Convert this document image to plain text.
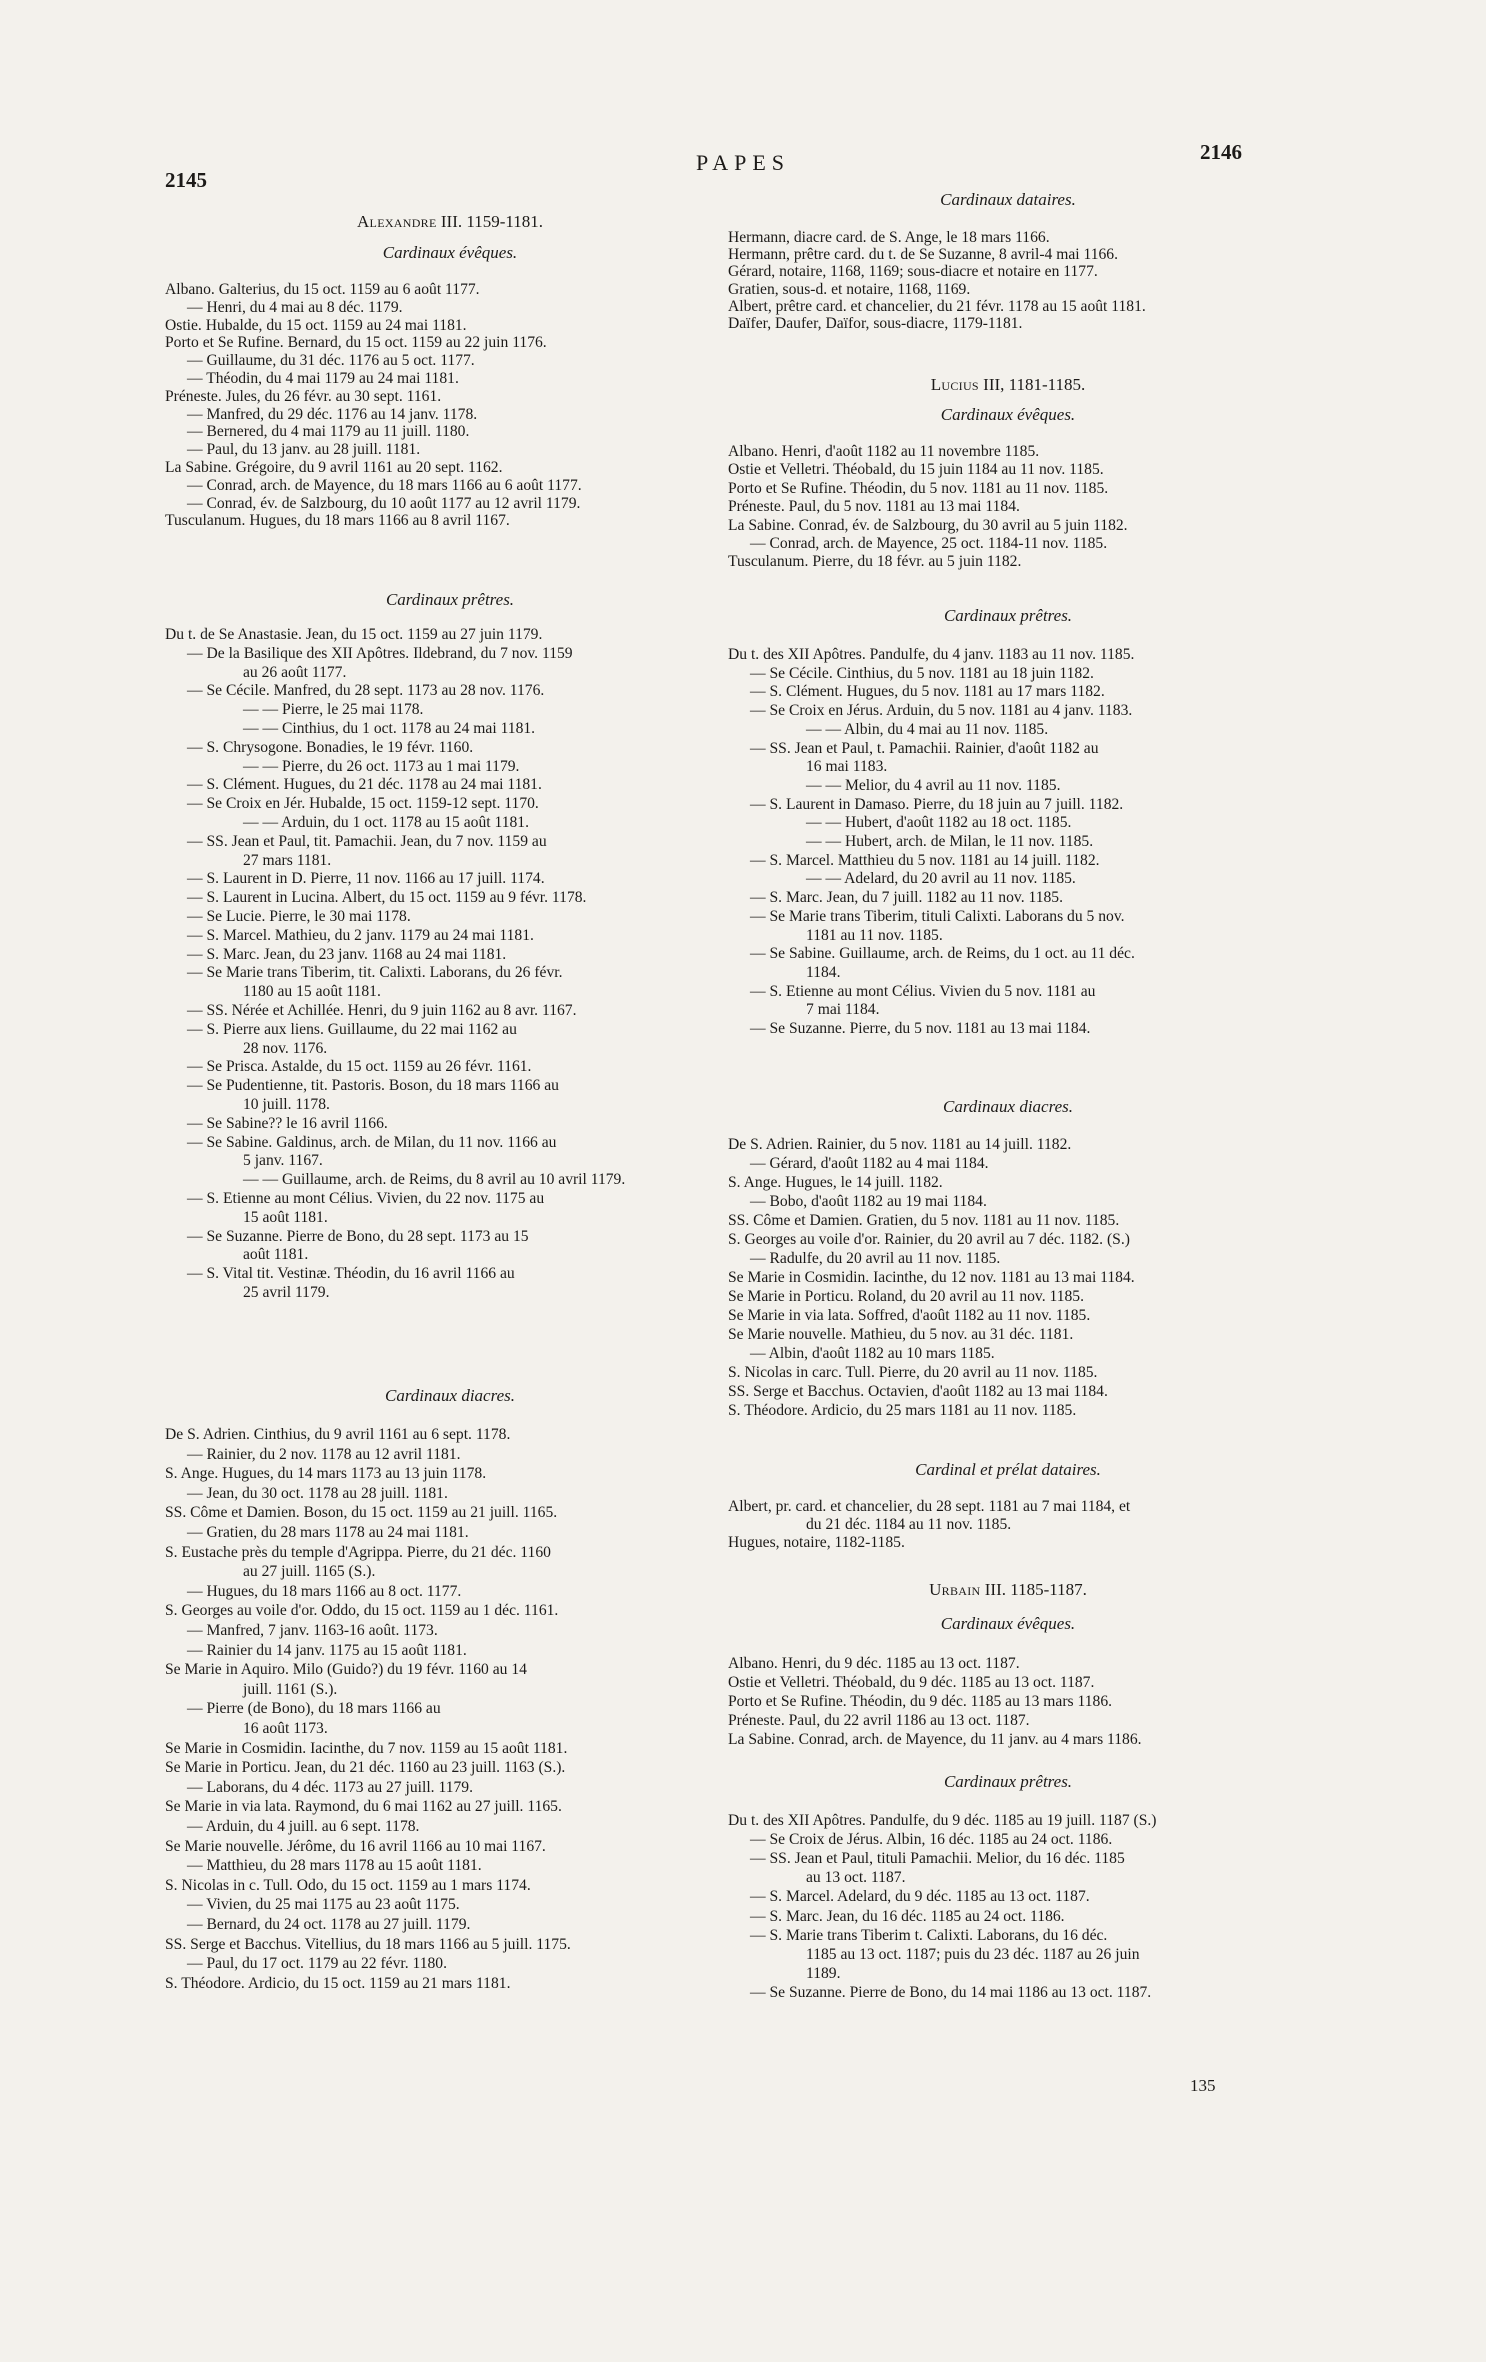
2145
PAPES	2146
Alexandre III. 1159-1181.
Cardinaux évêques.
Albano. Galterius, du 15 oct. 1159 au 6 août 1177.
— Henri, du 4 mai au 8 déc. 1179.
Ostie. Hubalde, du 15 oct. 1159 au 24 mai 1181.
Porto et Se Rufine. Bernard, du 15 oct. 1159 au 22 juin 1176.
— Guillaume, du 31 déc. 1176 au 5 oct. 1177.
— Théodin, du 4 mai 1179 au 24 mai 1181.
Préneste. Jules, du 26 févr. au 30 sept. 1161.
— Manfred, du 29 déc. 1176 au 14 janv. 1178.
— Bernered, du 4 mai 1179 au 11 juill. 1180.
— Paul, du 13 janv. au 28 juill. 1181.
La Sabine. Grégoire, du 9 avril 1161 au 20 sept. 1162.
— Conrad, arch. de Mayence, du 18 mars 1166 au 6 août 1177.
— Conrad, év. de Salzbourg, du 10 août 1177 au 12 avril 1179.
Tusculanum. Hugues, du 18 mars 1166 au 8 avril 1167.
Cardinaux prêtres.
Du t. de Se Anastasie. Jean, du 15 oct. 1159 au 27 juin 1179.
— De la Basilique des XII Apôtres. Ildebrand, du 7 nov. 1159
au 26 août 1177.
— Se Cécile. Manfred, du 28 sept. 1173 au 28 nov. 1176.
— — Pierre, le 25 mai 1178.
— — Cinthius, du 1 oct. 1178 au 24 mai 1181.
— S. Chrysogone. Bonadies, le 19 févr. 1160.
— — Pierre, du 26 oct. 1173 au 1 mai 1179.
— S. Clément. Hugues, du 21 déc. 1178 au 24 mai 1181.
— Se Croix en Jér. Hubalde, 15 oct. 1159-12 sept. 1170.
— — Arduin, du 1 oct. 1178 au 15 août 1181.
— SS. Jean et Paul, tit. Pamachii. Jean, du 7 nov. 1159 au
27 mars 1181.
— S. Laurent in D. Pierre, 11 nov. 1166 au 17 juill. 1174.
— S. Laurent in Lucina. Albert, du 15 oct. 1159 au 9 févr. 1178.
— Se Lucie. Pierre, le 30 mai 1178.
— S. Marcel. Mathieu, du 2 janv. 1179 au 24 mai 1181.
— S. Marc. Jean, du 23 janv. 1168 au 24 mai 1181.
— Se Marie trans Tiberim, tit. Calixti. Laborans, du 26 févr.
1180 au 15 août 1181.
— SS. Nérée et Achillée. Henri, du 9 juin 1162 au 8 avr. 1167.
— S. Pierre aux liens. Guillaume, du 22 mai 1162 au
28 nov. 1176.
— Se Prisca. Astalde, du 15 oct. 1159 au 26 févr. 1161.
— Se Pudentienne, tit. Pastoris. Boson, du 18 mars 1166 au
10 juill. 1178.
— Se Sabine?? le 16 avril 1166.
— Se Sabine. Galdinus, arch. de Milan, du 11 nov. 1166 au
5 janv. 1167.
— — Guillaume, arch. de Reims, du 8 avril au 10 avril 1179.
— S. Etienne au mont Célius. Vivien, du 22 nov. 1175 au
15 août 1181.
— Se Suzanne. Pierre de Bono, du 28 sept. 1173 au 15
août 1181.
— S. Vital tit. Vestinæ. Théodin, du 16 avril 1166 au
25 avril 1179.
Cardinaux diacres.
De S. Adrien. Cinthius, du 9 avril 1161 au 6 sept. 1178.
— Rainier, du 2 nov. 1178 au 12 avril 1181.
S. Ange. Hugues, du 14 mars 1173 au 13 juin 1178.
— Jean, du 30 oct. 1178 au 28 juill. 1181.
SS. Côme et Damien. Boson, du 15 oct. 1159 au 21 juill. 1165.
— Gratien, du 28 mars 1178 au 24 mai 1181.
S. Eustache près du temple d'Agrippa. Pierre, du 21 déc. 1160
au 27 juill. 1165 (S.).
— Hugues, du 18 mars 1166 au 8 oct. 1177.
S. Georges au voile d'or. Oddo, du 15 oct. 1159 au 1 déc. 1161.
— Manfred, 7 janv. 1163-16 août. 1173.
— Rainier du 14 janv. 1175 au 15 août 1181.
Se Marie in Aquiro. Milo (Guido?) du 19 févr. 1160 au 14
juill. 1161 (S.).
— Pierre (de Bono), du 18 mars 1166 au
16 août 1173.
Se Marie in Cosmidin. Iacinthe, du 7 nov. 1159 au 15 août 1181.
Se Marie in Porticu. Jean, du 21 déc. 1160 au 23 juill. 1163 (S.).
— Laborans, du 4 déc. 1173 au 27 juill. 1179.
Se Marie in via lata. Raymond, du 6 mai 1162 au 27 juill. 1165.
— Arduin, du 4 juill. au 6 sept. 1178.
Se Marie nouvelle. Jérôme, du 16 avril 1166 au 10 mai 1167.
— Matthieu, du 28 mars 1178 au 15 août 1181.
S. Nicolas in c. Tull. Odo, du 15 oct. 1159 au 1 mars 1174.
— Vivien, du 25 mai 1175 au 23 août 1175.
— Bernard, du 24 oct. 1178 au 27 juill. 1179.
SS. Serge et Bacchus. Vitellius, du 18 mars 1166 au 5 juill. 1175.
— Paul, du 17 oct. 1179 au 22 févr. 1180.
S. Théodore. Ardicio, du 15 oct. 1159 au 21 mars 1181.
Cardinaux dataires.
Hermann, diacre card. de S. Ange, le 18 mars 1166.
Hermann, prêtre card. du t. de Se Suzanne, 8 avril-4 mai 1166.
Gérard, notaire, 1168, 1169; sous-diacre et notaire en 1177.
Gratien, sous-d. et notaire, 1168, 1169.
Albert, prêtre card. et chancelier, du 21 févr. 1178 au 15 août 1181.
Daïfer, Daufer, Daïfor, sous-diacre, 1179-1181.
Lucius III, 1181-1185.
Cardinaux évêques.
Albano. Henri, d'août 1182 au 11 novembre 1185.
Ostie et Velletri. Théobald, du 15 juin 1184 au 11 nov. 1185.
Porto et Se Rufine. Théodin, du 5 nov. 1181 au 11 nov. 1185.
Préneste. Paul, du 5 nov. 1181 au 13 mai 1184.
La Sabine. Conrad, év. de Salzbourg, du 30 avril au 5 juin 1182.
— Conrad, arch. de Mayence, 25 oct. 1184-11 nov. 1185.
Tusculanum. Pierre, du 18 févr. au 5 juin 1182.
Cardinaux prêtres.
Du t. des XII Apôtres. Pandulfe, du 4 janv. 1183 au 11 nov. 1185.
— Se Cécile. Cinthius, du 5 nov. 1181 au 18 juin 1182.
— S. Clément. Hugues, du 5 nov. 1181 au 17 mars 1182.
— Se Croix en Jérus. Arduin, du 5 nov. 1181 au 4 janv. 1183.
— — Albin, du 4 mai au 11 nov. 1185.
— SS. Jean et Paul, t. Pamachii. Rainier, d'août 1182 au
16 mai 1183.
— — Melior, du 4 avril au 11 nov. 1185.
— S. Laurent in Damaso. Pierre, du 18 juin au 7 juill. 1182.
— — Hubert, d'août 1182 au 18 oct. 1185.
— — Hubert, arch. de Milan, le 11 nov. 1185.
— S. Marcel. Matthieu du 5 nov. 1181 au 14 juill. 1182.
— — Adelard, du 20 avril au 11 nov. 1185.
— S. Marc. Jean, du 7 juill. 1182 au 11 nov. 1185.
— Se Marie trans Tiberim, tituli Calixti. Laborans du 5 nov.
1181 au 11 nov. 1185.
— Se Sabine. Guillaume, arch. de Reims, du 1 oct. au 11 déc.
1184.
— S. Etienne au mont Célius. Vivien du 5 nov. 1181 au
7 mai 1184.
— Se Suzanne. Pierre, du 5 nov. 1181 au 13 mai 1184.
Cardinaux diacres.
De S. Adrien. Rainier, du 5 nov. 1181 au 14 juill. 1182.
— Gérard, d'août 1182 au 4 mai 1184.
S. Ange. Hugues, le 14 juill. 1182.
— Bobo, d'août 1182 au 19 mai 1184.
SS. Côme et Damien. Gratien, du 5 nov. 1181 au 11 nov. 1185.
S. Georges au voile d'or. Rainier, du 20 avril au 7 déc. 1182. (S.)
— Radulfe, du 20 avril au 11 nov. 1185.
Se Marie in Cosmidin. Iacinthe, du 12 nov. 1181 au 13 mai 1184.
Se Marie in Porticu. Roland, du 20 avril au 11 nov. 1185.
Se Marie in via lata. Soffred, d'août 1182 au 11 nov. 1185.
Se Marie nouvelle. Mathieu, du 5 nov. au 31 déc. 1181.
— Albin, d'août 1182 au 10 mars 1185.
S. Nicolas in carc. Tull. Pierre, du 20 avril au 11 nov. 1185.
SS. Serge et Bacchus. Octavien, d'août 1182 au 13 mai 1184.
S. Théodore. Ardicio, du 25 mars 1181 au 11 nov. 1185.
Cardinal et prélat dataires.
Albert, pr. card. et chancelier, du 28 sept. 1181 au 7 mai 1184, et
du 21 déc. 1184 au 11 nov. 1185.
Hugues, notaire, 1182-1185.
Urbain III. 1185-1187.
Cardinaux évêques.
Albano. Henri, du 9 déc. 1185 au 13 oct. 1187.
Ostie et Velletri. Théobald, du 9 déc. 1185 au 13 oct. 1187.
Porto et Se Rufine. Théodin, du 9 déc. 1185 au 13 mars 1186.
Préneste. Paul, du 22 avril 1186 au 13 oct. 1187.
La Sabine. Conrad, arch. de Mayence, du 11 janv. au 4 mars 1186.
Cardinaux prêtres.
Du t. des XII Apôtres. Pandulfe, du 9 déc. 1185 au 19 juill. 1187 (S.)
— Se Croix de Jérus. Albin, 16 déc. 1185 au 24 oct. 1186.
— SS. Jean et Paul, tituli Pamachii. Melior, du 16 déc. 1185
au 13 oct. 1187.
— S. Marcel. Adelard, du 9 déc. 1185 au 13 oct. 1187.
— S. Marc. Jean, du 16 déc. 1185 au 24 oct. 1186.
— S. Marie trans Tiberim t. Calixti. Laborans, du 16 déc.
1185 au 13 oct. 1187; puis du 23 déc. 1187 au 26 juin
1189.
— Se Suzanne. Pierre de Bono, du 14 mai 1186 au 13 oct. 1187.
135
